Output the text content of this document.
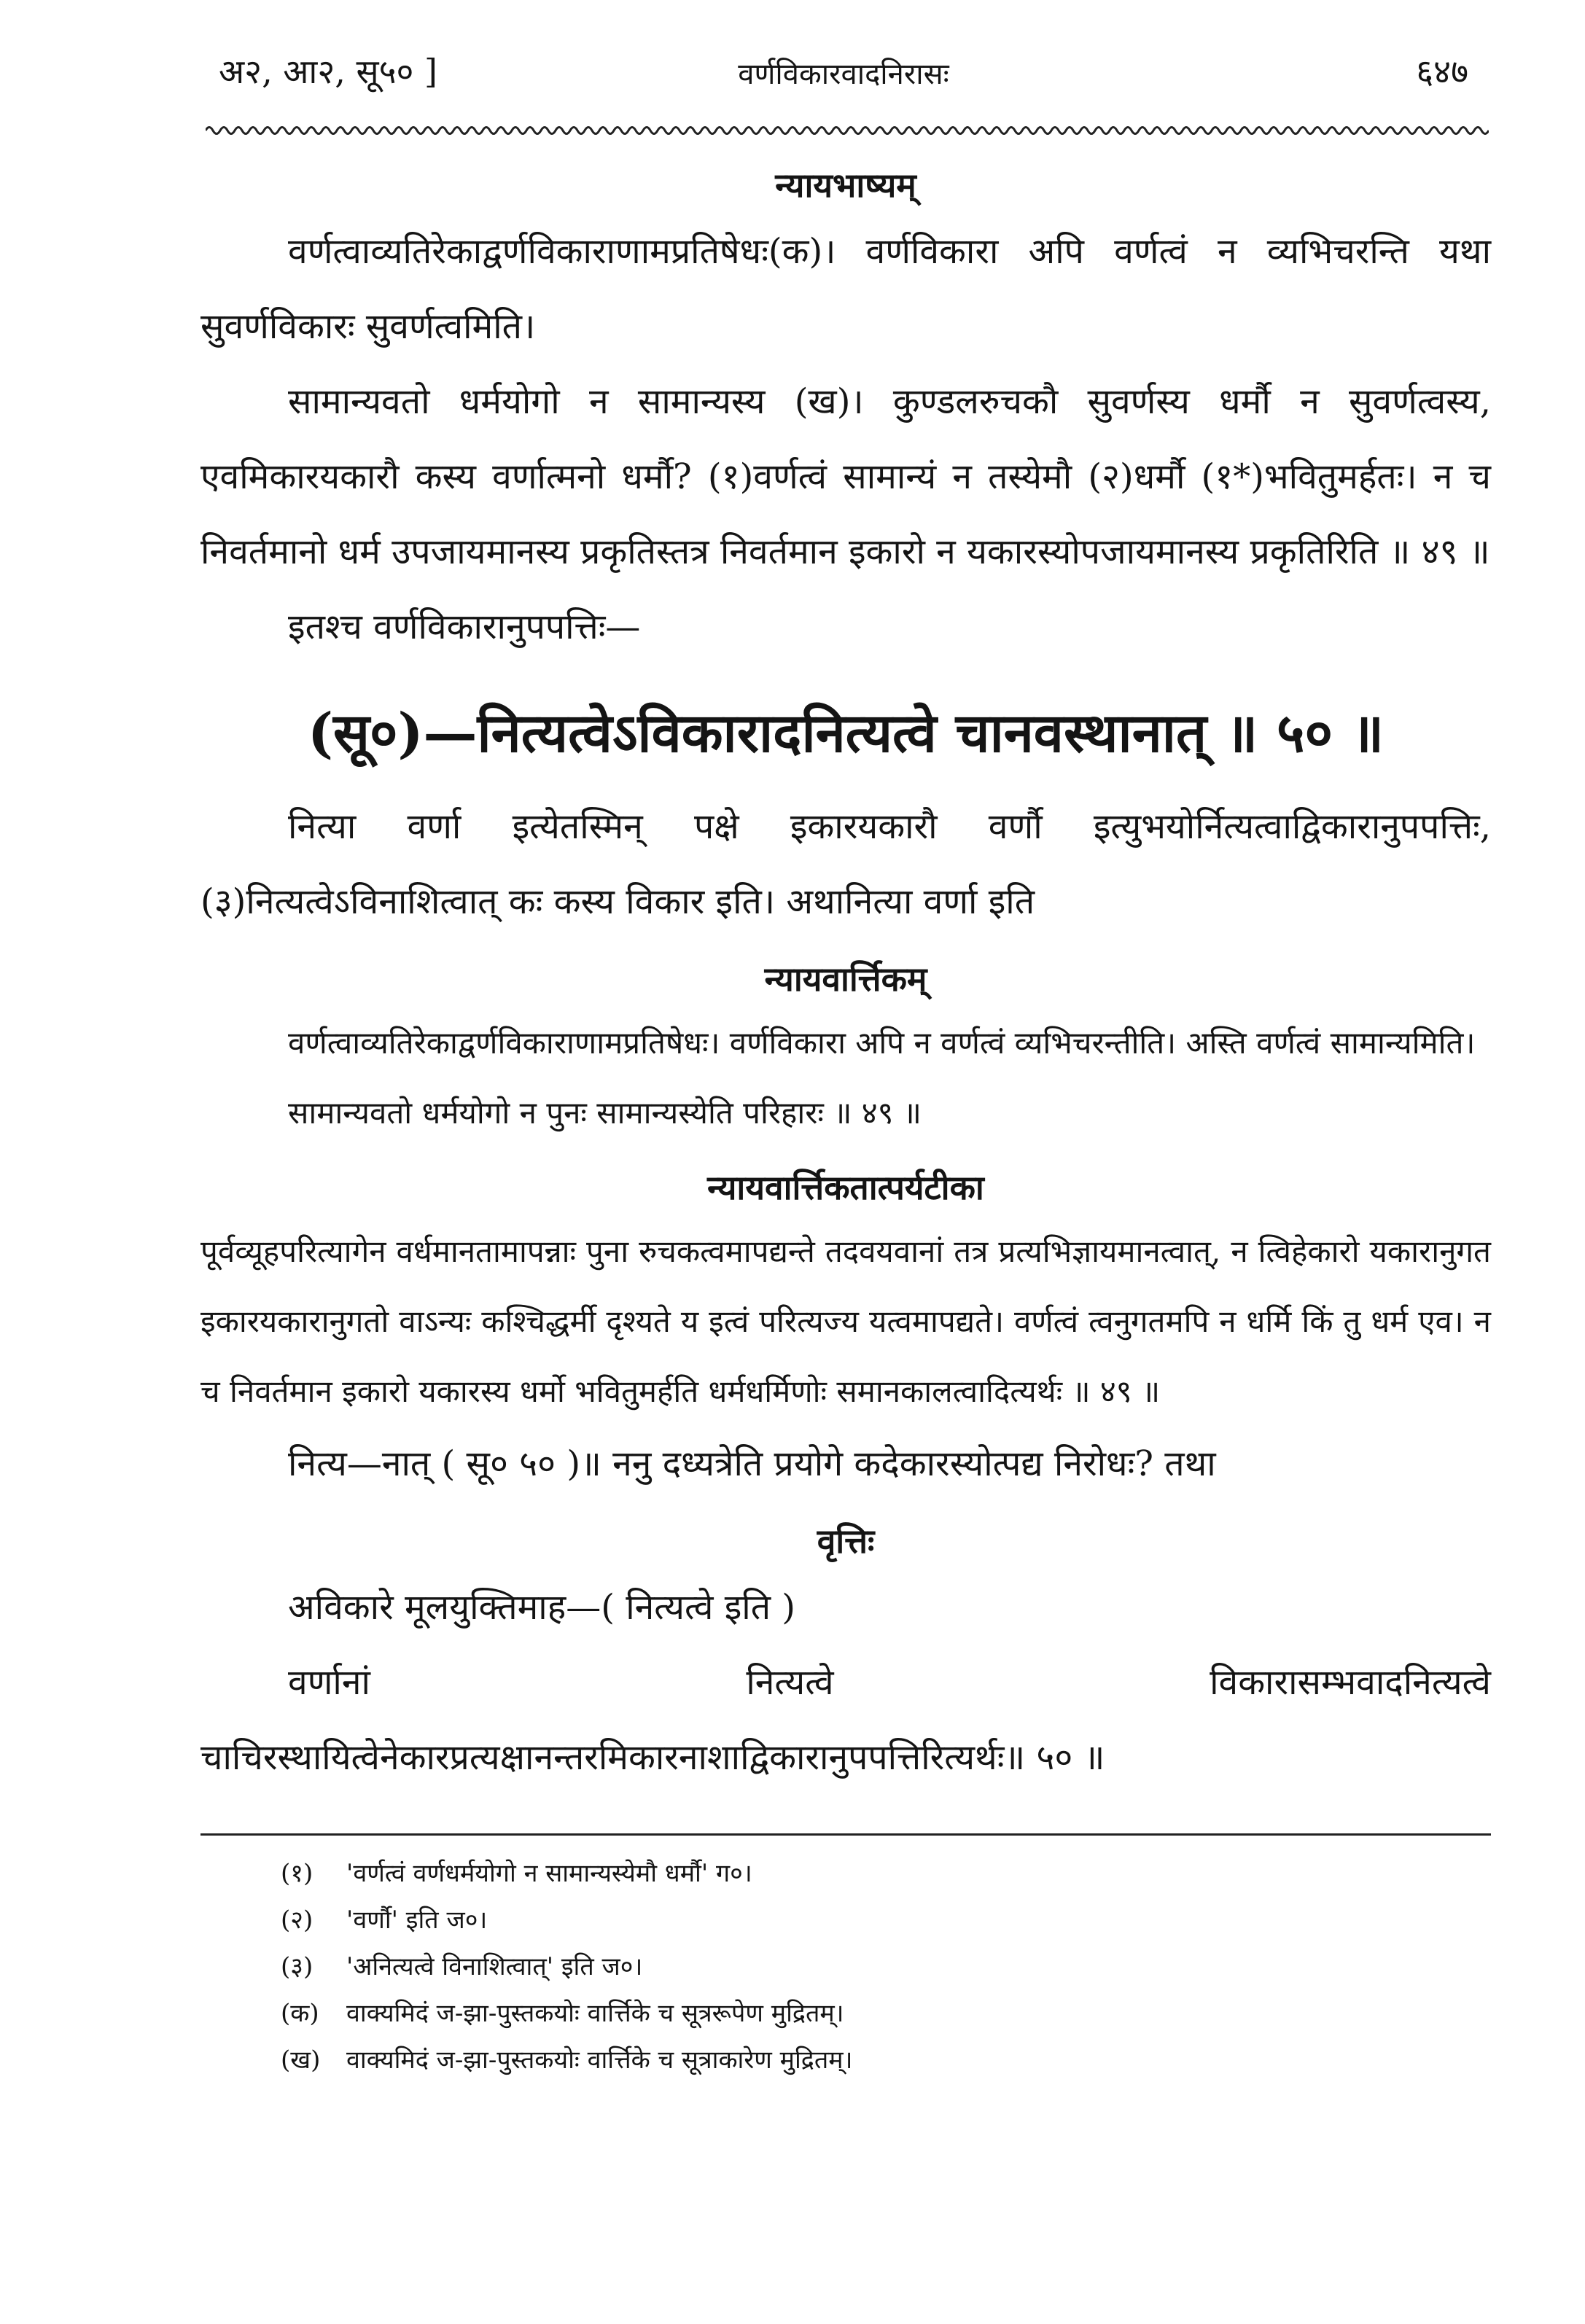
अ२, आ२, सू५० ]	वर्णविकारवादनिरासः	६४७
न्यायभाष्यम्

वर्णत्वाव्यतिरेकाद्वर्णविकाराणामप्रतिषेधः(क)। वर्णविकारा अपि वर्णत्वं न व्यभिचरन्ति यथा सुवर्णविकारः सुवर्णत्वमिति।

सामान्यवतो धर्मयोगो न सामान्यस्य (ख)। कुण्डलरुचकौ सुवर्णस्य धर्मौ न सुवर्णत्वस्य, एवमिकारयकारौ कस्य वर्णात्मनो धर्मौ? (१)वर्णत्वं सामान्यं न तस्येमौ (२)धर्मौ (१*)भवितुमर्हतः। न च निवर्तमानो धर्म उपजायमानस्य प्रकृतिस्तत्र निवर्तमान इकारो न यकारस्योपजायमानस्य प्रकृतिरिति ॥ ४९ ॥

इतश्च वर्णविकारानुपपत्तिः—

(सू०)—नित्यत्वेऽविकारादनित्यत्वे चानवस्थानात् ॥ ५० ॥

नित्या वर्णा इत्येतस्मिन् पक्षे इकारयकारौ वर्णौ इत्युभयोर्नित्यत्वाद्विकारानुपपत्तिः, (३)नित्यत्वेऽविनाशित्वात् कः कस्य विकार इति। अथानित्या वर्णा इति

न्यायवार्त्तिकम्

वर्णत्वाव्यतिरेकाद्वर्णविकाराणामप्रतिषेधः। वर्णविकारा अपि न वर्णत्वं व्यभिचरन्तीति। अस्ति वर्णत्वं सामान्यमिति।

सामान्यवतो धर्मयोगो न पुनः सामान्यस्येति परिहारः ॥ ४९ ॥

न्यायवार्त्तिकतात्पर्यटीका

पूर्वव्यूहपरित्यागेन वर्धमानतामापन्नाः पुना रुचकत्वमापद्यन्ते तदवयवानां तत्र प्रत्यभिज्ञायमानत्वात्, न त्विहेकारो यकारानुगत इकारयकारानुगतो वाऽन्यः कश्चिद्धर्मी दृश्यते य इत्वं परित्यज्य यत्वमापद्यते। वर्णत्वं त्वनुगतमपि न धर्मि किं तु धर्म एव। न च निवर्तमान इकारो यकारस्य धर्मो भवितुमर्हति धर्मधर्मिणोः समानकालत्वादित्यर्थः ॥ ४९ ॥

नित्य—नात् ( सू० ५० )॥ ननु दध्यत्रेति प्रयोगे कदेकारस्योत्पद्य निरोधः? तथा

वृत्तिः

अविकारे मूलयुक्तिमाह—( नित्यत्वे इति )

वर्णानां नित्यत्वे विकारासम्भवादनित्यत्वे चाचिरस्थायित्वेनेकारप्रत्यक्षानन्तरमिकारनाशाद्विकारानुपपत्तिरित्यर्थः॥ ५० ॥

(१)	'वर्णत्वं वर्णधर्मयोगो न सामान्यस्येमौ धर्मौ' ग०।
(२)	'वर्णौ' इति ज०।
(३)	'अनित्यत्वे विनाशित्वात्' इति ज०।
(क)	वाक्यमिदं ज-झा-पुस्तकयोः वार्त्तिके च सूत्ररूपेण मुद्रितम्।
(ख)	वाक्यमिदं ज-झा-पुस्तकयोः वार्त्तिके च सूत्राकारेण मुद्रितम्।
